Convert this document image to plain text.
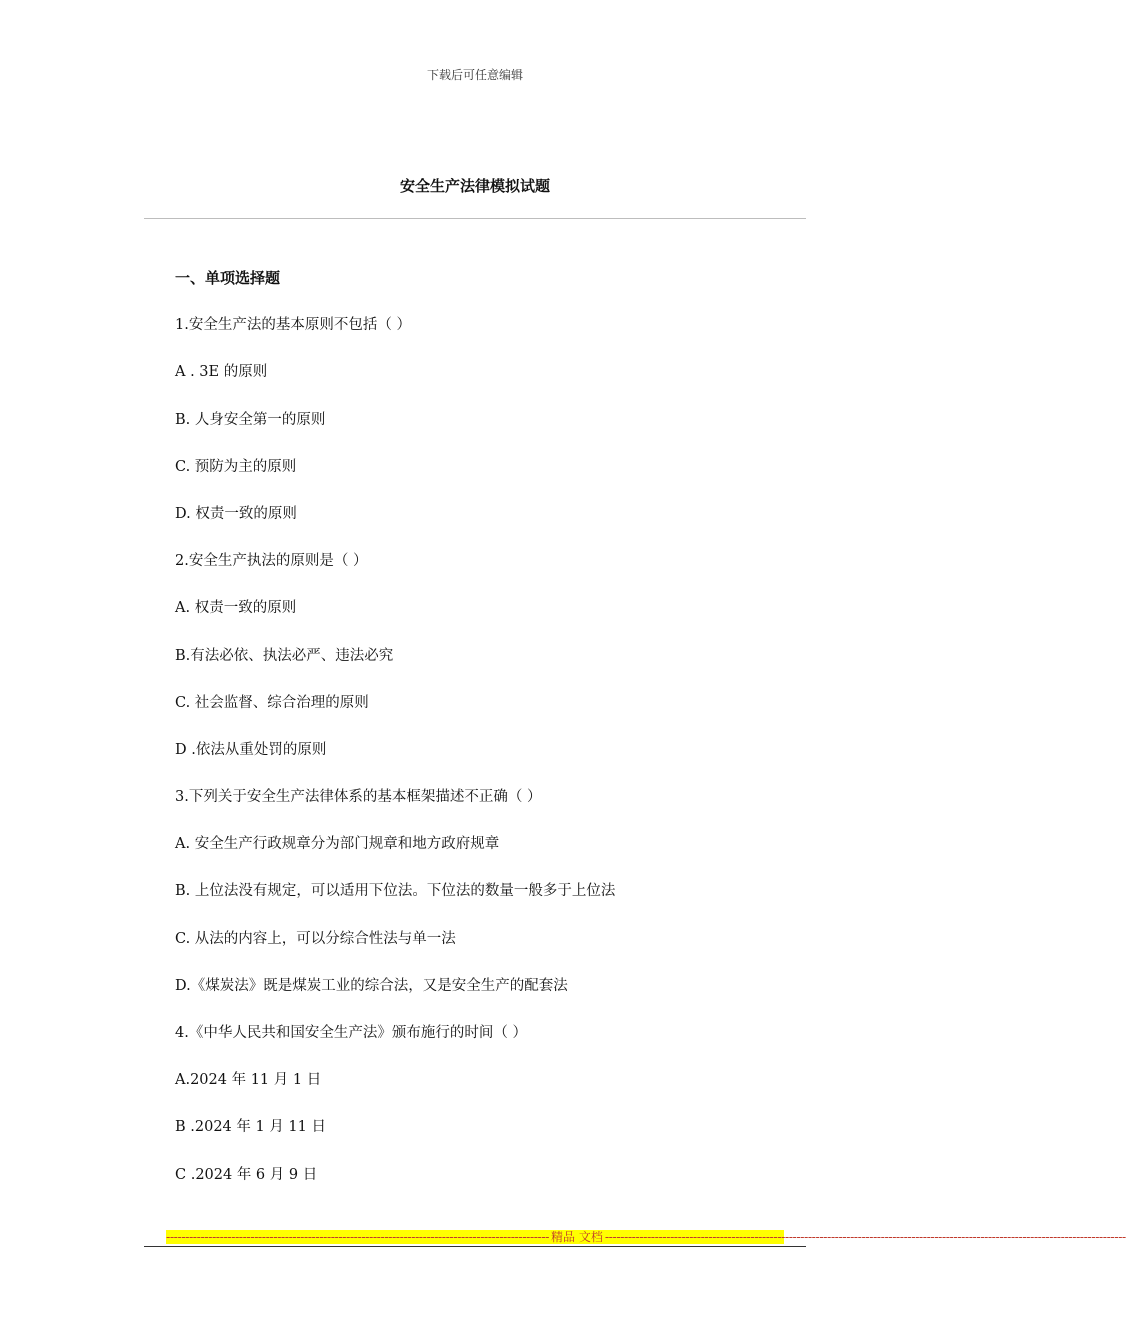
下载后可任意编辑
安全生产法律模拟试题
一、单项选择题
1.安全生产法的基本原则不包括（ ）
A . 3E 的原则
B. 人身安全第一的原则
C. 预防为主的原则
D. 权责一致的原则
2.安全生产执法的原则是（ ）
A. 权责一致的原则
B.有法必依、执法必严、违法必究
C. 社会监督、综合治理的原则
D .依法从重处罚的原则
3.下列关于安全生产法律体系的基本框架描述不正确（ ）
A. 安全生产行政规章分为部门规章和地方政府规章
B. 上位法没有规定，可以适用下位法。下位法的数量一般多于上位法
C. 从法的内容上，可以分综合性法与单一法
D.《煤炭法》既是煤炭工业的综合法，又是安全生产的配套法
4.《中华人民共和国安全生产法》颁布施行的时间（ ）
A.2024 年 11 月 1 日
B .2024 年 1 月 11 日
C .2024 年 6 月 9 日
---------------------------------------------------------------------------------------------------- 精品 文档 ----------------------------------------------------------------------------------------------------------------------------------------
